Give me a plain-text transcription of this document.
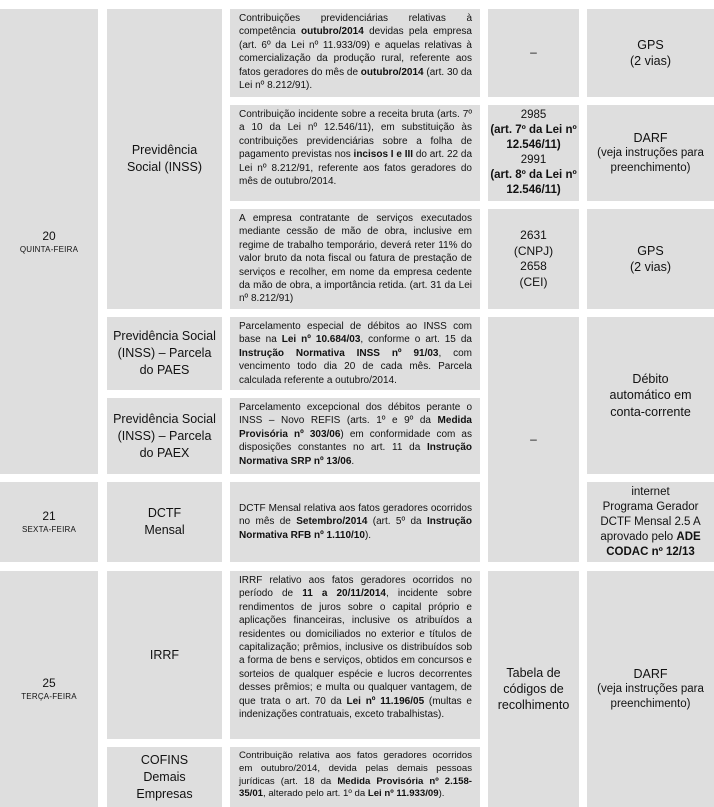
20
QUINTA-FEIRA
21
SEXTA-FEIRA
25
TERÇA-FEIRA
Previdência Social (INSS)
Previdência Social (INSS) – Parcela do PAES
Previdência Social (INSS) – Parcela do PAEX
DCTF Mensal
IRRF
COFINS Demais Empresas
Contribuições previdenciárias relativas à competência outubro/2014 devidas pela empresa (art. 6º da Lei nº 11.933/09) e aquelas relativas à comercialização da produção rural, referente aos fatos geradores do mês de outubro/2014 (art. 30 da Lei nº 8.212/91).
Contribuição incidente sobre a receita bruta (arts. 7º a 10 da Lei nº 12.546/11), em substituição às contribuições previdenciárias sobre a folha de pagamento previstas nos incisos I e III do art. 22 da Lei nº 8.212/91, referente aos fatos geradores do mês de outubro/2014.
A empresa contratante de serviços executados mediante cessão de mão de obra, inclusive em regime de trabalho temporário, deverá reter 11% do valor bruto da nota fiscal ou fatura de prestação de serviços e recolher, em nome da empresa cedente da mão de obra, a importância retida. (art. 31 da Lei nº 8.212/91)
Parcelamento especial de débitos ao INSS com base na Lei nº 10.684/03, conforme o art. 15 da Instrução Normativa INSS nº 91/03, com vencimento todo dia 20 de cada mês. Parcela calculada referente a outubro/2014.
Parcelamento excepcional dos débitos perante o INSS – Novo REFIS (arts. 1º e 9º da Medida Provisória nº 303/06) em conformidade com as disposições constantes no art. 11 da Instrução Normativa SRP nº 13/06.
DCTF Mensal relativa aos fatos geradores ocorridos no mês de Setembro/2014 (art. 5º da Instrução Normativa RFB nº 1.110/10).
IRRF relativo aos fatos geradores ocorridos no período de 11 a 20/11/2014, incidente sobre rendimentos de juros sobre o capital próprio e aplicações financeiras, inclusive os atribuídos a residentes ou domiciliados no exterior e títulos de capitalização; prêmios, inclusive os distribuídos sob a forma de bens e serviços, obtidos em concursos e sorteios de qualquer espécie e lucros decorrentes desses prêmios; e multa ou qualquer vantagem, de que trata o art. 70 da Lei nº 11.196/05 (multas e indenizações contratuais, exceto trabalhistas).
Contribuição relativa aos fatos geradores ocorridos em outubro/2014, devida pelas demais pessoas jurídicas (art. 18 da Medida Provisória nº 2.158-35/01, alterado pelo art. 1º da Lei nº 11.933/09).
–
2985
(art. 7º da Lei nº 12.546/11)
2991
(art. 8º da Lei nº 12.546/11)
2631
(CNPJ)
2658
(CEI)
–
Tabela de
códigos de
recolhimento
GPS
(2 vias)
DARF
(veja instruções para preenchimento)
GPS
(2 vias)
Débito
automático em
conta-corrente
internet
Programa Gerador DCTF Mensal 2.5 A aprovado pelo ADE CODAC nº 12/13
DARF
(veja instruções para
preenchimento)
